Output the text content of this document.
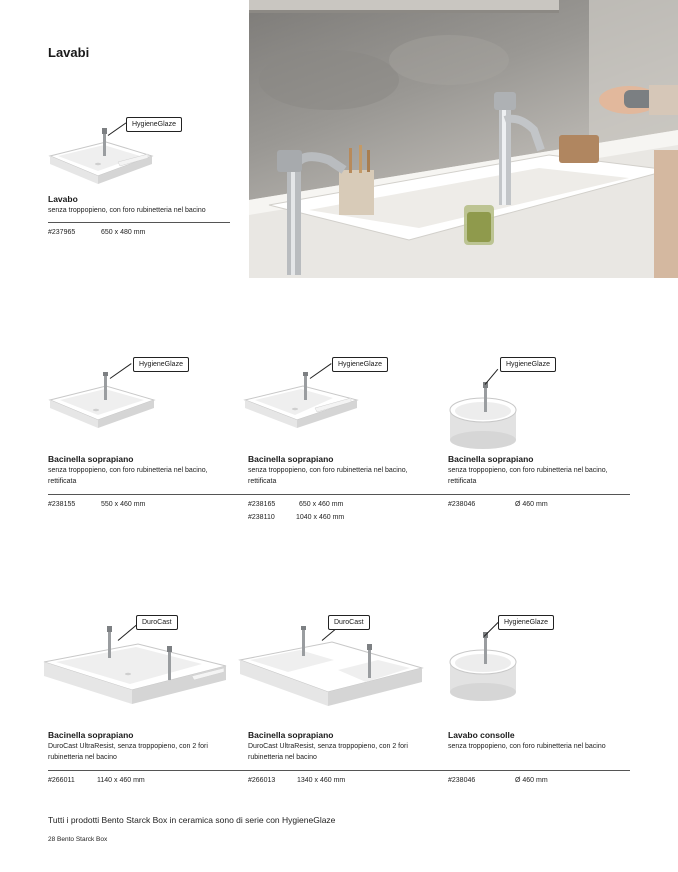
Lavabi
HygieneGlaze
Lavabo
senza troppopieno, con foro rubinetteria nel bacino
#237965	650 x 480 mm
HygieneGlaze
Bacinella soprapiano
senza troppopieno, con foro rubinetteria nel bacino, rettificata
#238155	550 x 460 mm
HygieneGlaze
Bacinella soprapiano
senza troppopieno, con foro rubinetteria nel bacino, rettificata
#238165	650 x 460 mm
#238110	1040 x 460 mm
HygieneGlaze
Bacinella soprapiano
senza troppopieno, con foro rubinetteria nel bacino, rettificata
#238046	Ø 460 mm
DuroCast
Bacinella soprapiano
DuroCast UltraResist, senza troppopieno, con 2 fori rubinetteria nel bacino
#266011	1140 x 460 mm
DuroCast
Bacinella soprapiano
DuroCast UltraResist, senza troppopieno, con 2 fori rubinetteria nel bacino
#266013	1340 x 460 mm
HygieneGlaze
Lavabo consolle
senza troppopieno, con foro rubinetteria nel bacino
#238046	Ø 460 mm
Tutti i prodotti Bento Starck Box in ceramica sono di serie con HygieneGlaze
28 Bento Starck Box
